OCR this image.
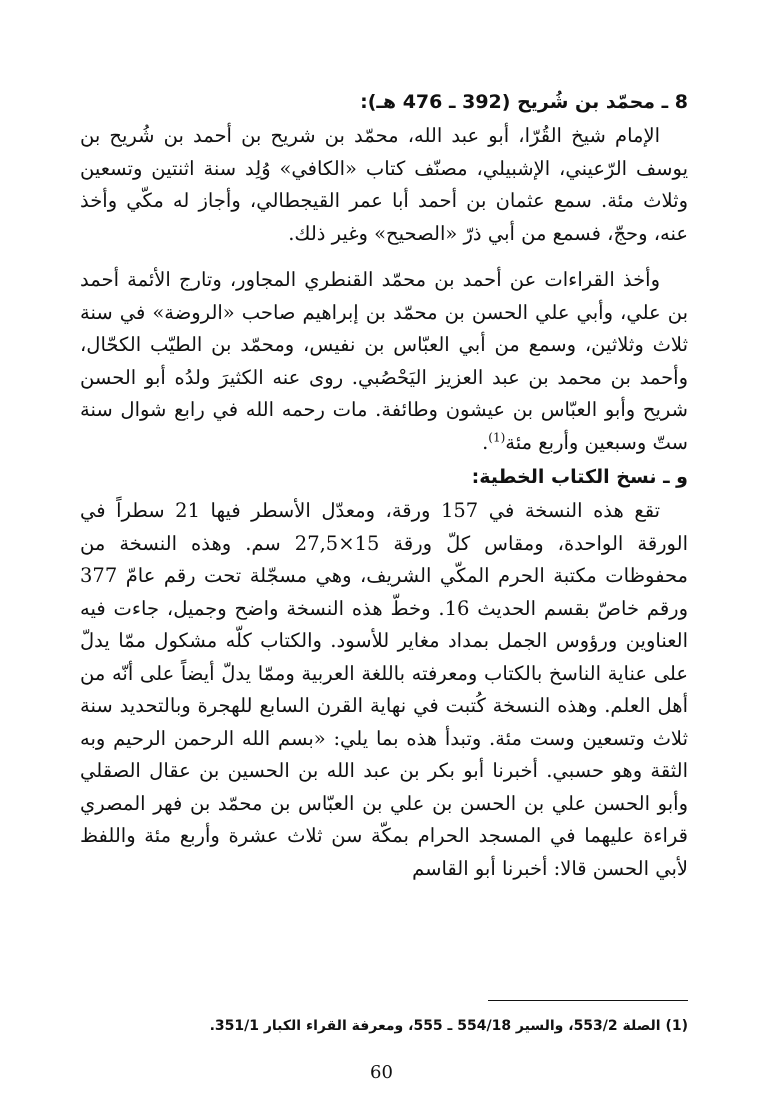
8 ـ محمّد بن شُريح (392 ـ 476 هـ):

الإمام شيخ القُرّا، أبو عبد الله، محمّد بن شريح بن أحمد بن شُريح بن يوسف الرّعيني، الإشبيلي، مصنّف كتاب «الكافي» وُلِد سنة اثنتين وتسعين وثلاث مئة. سمع عثمان بن أحمد أبا عمر القيجطالي، وأجاز له مكّي وأخذ عنه، وحجّ، فسمع من أبي ذرّ «الصحيح» وغير ذلك.

وأخذ القراءات عن أحمد بن محمّد القنطري المجاور، وتارج الأئمة أحمد بن علي، وأبي علي الحسن بن محمّد بن إبراهيم صاحب «الروضة» في سنة ثلاث وثلاثين، وسمع من أبي العبّاس بن نفيس، ومحمّد بن الطيّب الكحّال، وأحمد بن محمد بن عبد العزيز اليَحْصُبي. روى عنه الكثيرَ ولدُه أبو الحسن شريح وأبو العبّاس بن عيشون وطائفة. مات رحمه الله في رابع شوال سنة ستّ وسبعين وأربع مئة$^{(1)}$.

و ـ نسخ الكتاب الخطية:

تقع هذه النسخة في 157 ورقة، ومعدّل الأسطر فيها 21 سطراً في الورقة الواحدة، ومقاس كلّ ورقة 15×27,5 سم. وهذه النسخة من محفوظات مكتبة الحرم المكّي الشريف، وهي مسجّلة تحت رقم عامّ 377 ورقم خاصّ بقسم الحديث 16. وخطّ هذه النسخة واضح وجميل، جاءت فيه العناوين ورؤوس الجمل بمداد مغاير للأسود. والكتاب كلّه مشكول ممّا يدلّ على عناية الناسخ بالكتاب ومعرفته باللغة العربية وممّا يدلّ أيضاً على أنّه من أهل العلم. وهذه النسخة كُتبت في نهاية القرن السابع للهجرة وبالتحديد سنة ثلاث وتسعين وست مئة. وتبدأ هذه بما يلي: «بسم الله الرحمن الرحيم وبه الثقة وهو حسبي. أخبرنا أبو بكر بن عبد الله بن الحسين بن عقال الصقلي وأبو الحسن علي بن الحسن بن علي بن العبّاس بن محمّد بن فهر المصري قراءة عليهما في المسجد الحرام بمكّة سن ثلاث عشرة وأربع مئة واللفظ لأبي الحسن قالا: أخبرنا أبو القاسم

(1) الصلة 553/2، والسير 554/18 ـ 555، ومعرفة القراء الكبار 351/1.
60
